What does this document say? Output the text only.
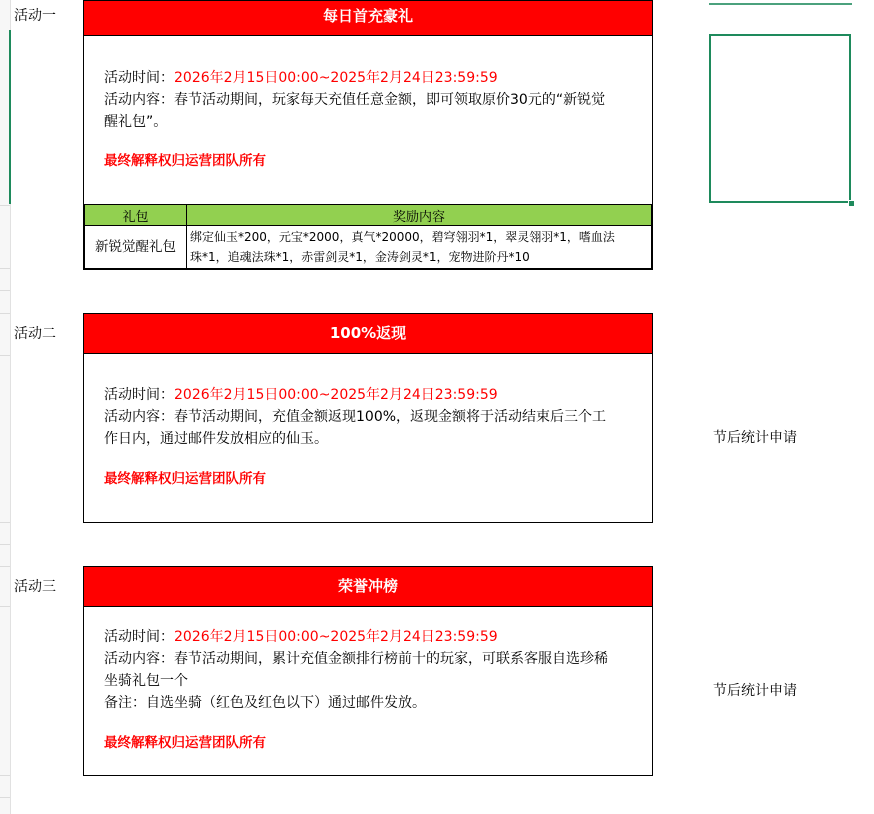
活动一	每日首充豪礼
活动时间：2026年2月15日00:00~2025年2月24日23:59:59
活动内容：春节活动期间，玩家每天充值任意金额，即可领取原价30元的“新锐觉
醒礼包”。
最终解释权归运营团队所有
礼包	奖励内容
新锐觉醒礼包	绑定仙玉*200，元宝*2000，真气*20000，碧穹翎羽*1，翠灵翎羽*1，嗜血法
珠*1，追魂法珠*1，赤雷剑灵*1，金涛剑灵*1，宠物进阶丹*10
活动二	100%返现
活动时间：2026年2月15日00:00~2025年2月24日23:59:59
活动内容：春节活动期间，充值金额返现100%，返现金额将于活动结束后三个工
作日内，通过邮件发放相应的仙玉。
最终解释权归运营团队所有
节后统计申请
活动三	荣誉冲榜
活动时间：2026年2月15日00:00~2025年2月24日23:59:59
活动内容：春节活动期间，累计充值金额排行榜前十的玩家，可联系客服自选珍稀
坐骑礼包一个
备注：自选坐骑（红色及红色以下）通过邮件发放。
最终解释权归运营团队所有
节后统计申请
